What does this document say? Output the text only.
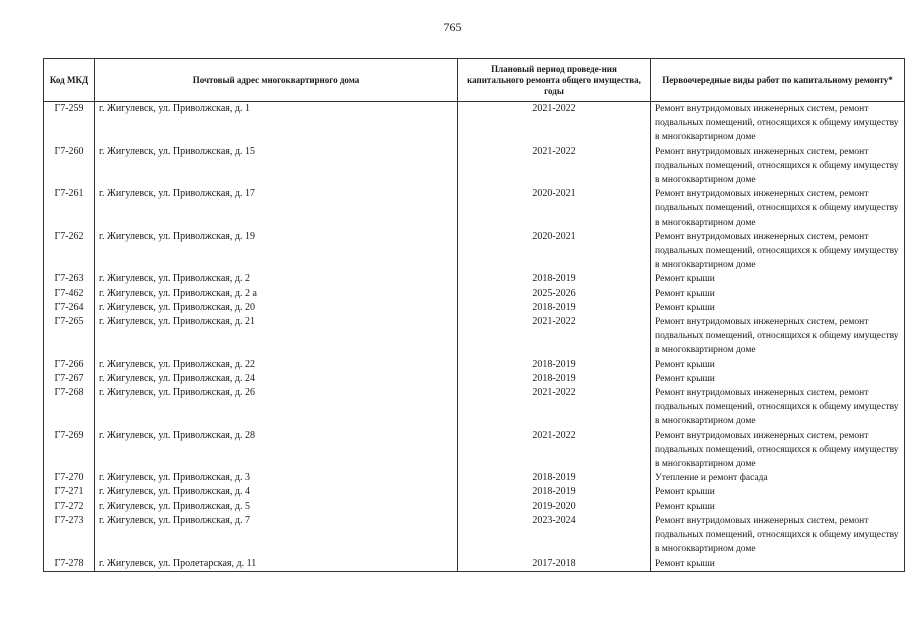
765
Код МКД	Почтовый адрес многоквартирного дома	Плановый период проведе-ния капитального ремонта общего имущества, годы	Первоочередные виды работ по капитальному ремонту*
Г7-259	г. Жигулевск, ул. Приволжская, д. 1	2021-2022	Ремонт внутридомовых инженерных систем, ремонт подвальных помещений, относящихся к общему имуществу в многоквартирном доме
Г7-260	г. Жигулевск, ул. Приволжская, д. 15	2021-2022	Ремонт внутридомовых инженерных систем, ремонт подвальных помещений, относящихся к общему имуществу в многоквартирном доме
Г7-261	г. Жигулевск, ул. Приволжская, д. 17	2020-2021	Ремонт внутридомовых инженерных систем, ремонт подвальных помещений, относящихся к общему имуществу в многоквартирном доме
Г7-262	г. Жигулевск, ул. Приволжская, д. 19	2020-2021	Ремонт внутридомовых инженерных систем, ремонт подвальных помещений, относящихся к общему имуществу в многоквартирном доме
Г7-263	г. Жигулевск, ул. Приволжская, д. 2	2018-2019	Ремонт крыши
Г7-462	г. Жигулевск, ул. Приволжская, д. 2 а	2025-2026	Ремонт крыши
Г7-264	г. Жигулевск, ул. Приволжская, д. 20	2018-2019	Ремонт крыши
Г7-265	г. Жигулевск, ул. Приволжская, д. 21	2021-2022	Ремонт внутридомовых инженерных систем, ремонт подвальных помещений, относящихся к общему имуществу в многоквартирном доме
Г7-266	г. Жигулевск, ул. Приволжская, д. 22	2018-2019	Ремонт крыши
Г7-267	г. Жигулевск, ул. Приволжская, д. 24	2018-2019	Ремонт крыши
Г7-268	г. Жигулевск, ул. Приволжская, д. 26	2021-2022	Ремонт внутридомовых инженерных систем, ремонт подвальных помещений, относящихся к общему имуществу в многоквартирном доме
Г7-269	г. Жигулевск, ул. Приволжская, д. 28	2021-2022	Ремонт внутридомовых инженерных систем, ремонт подвальных помещений, относящихся к общему имуществу в многоквартирном доме
Г7-270	г. Жигулевск, ул. Приволжская, д. 3	2018-2019	Утепление и ремонт фасада
Г7-271	г. Жигулевск, ул. Приволжская, д. 4	2018-2019	Ремонт крыши
Г7-272	г. Жигулевск, ул. Приволжская, д. 5	2019-2020	Ремонт крыши
Г7-273	г. Жигулевск, ул. Приволжская, д. 7	2023-2024	Ремонт внутридомовых инженерных систем, ремонт подвальных помещений, относящихся к общему имуществу в многоквартирном доме
Г7-278	г. Жигулевск, ул. Пролетарская, д. 11	2017-2018	Ремонт крыши
